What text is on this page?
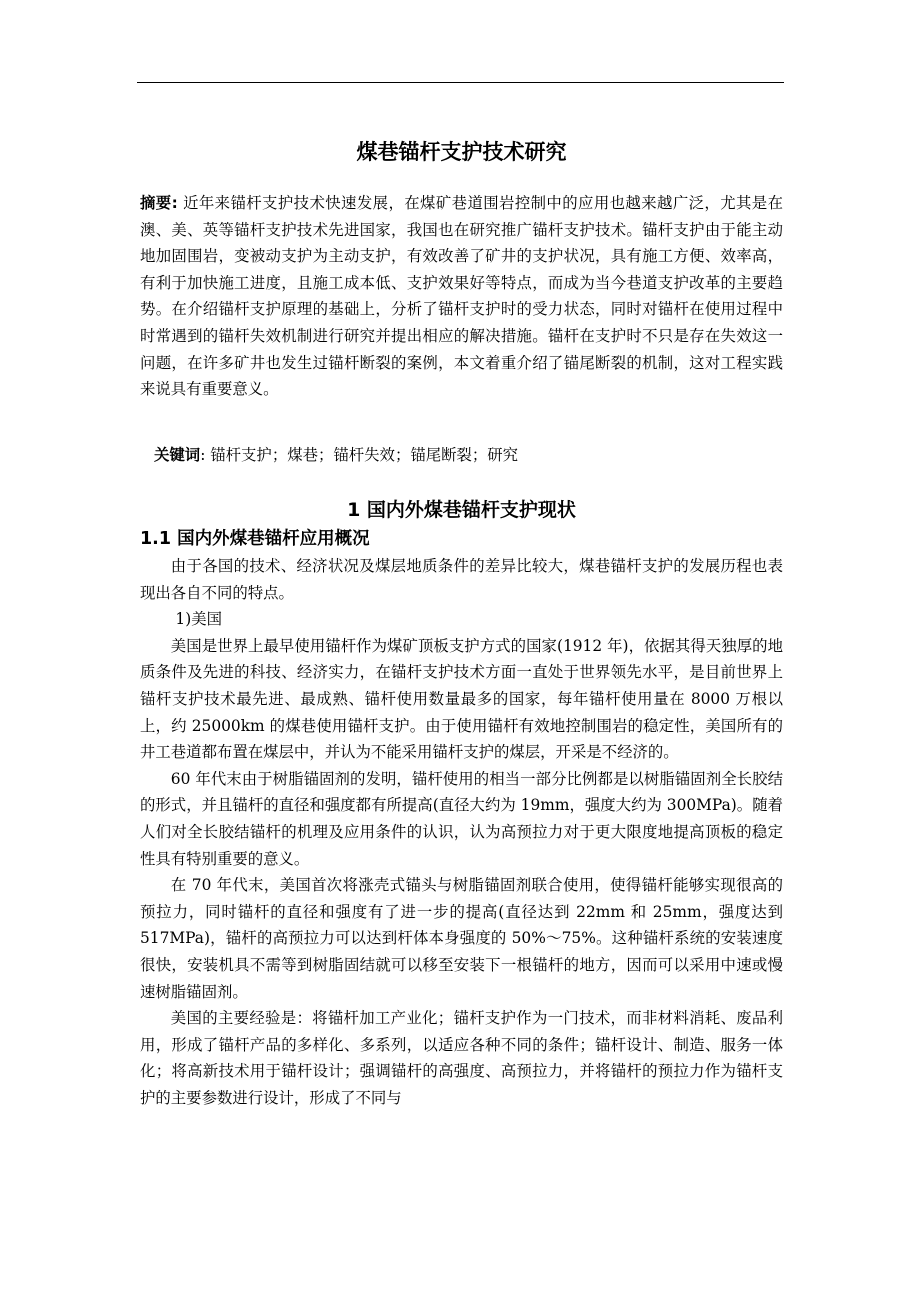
煤巷锚杆支护技术研究

摘要: 近年来锚杆支护技术快速发展，在煤矿巷道围岩控制中的应用也越来越广泛，尤其是在澳、美、英等锚杆支护技术先进国家，我国也在研究推广锚杆支护技术。锚杆支护由于能主动地加固围岩，变被动支护为主动支护，有效改善了矿井的支护状况，具有施工方便、效率高，有利于加快施工进度，且施工成本低、支护效果好等特点，而成为当今巷道支护改革的主要趋势。在介绍锚杆支护原理的基础上，分析了锚杆支护时的受力状态，同时对锚杆在使用过程中时常遇到的锚杆失效机制进行研究并提出相应的解决措施。锚杆在支护时不只是存在失效这一问题，在许多矿井也发生过锚杆断裂的案例，本文着重介绍了锚尾断裂的机制，这对工程实践来说具有重要意义。

关键词: 锚杆支护；煤巷；锚杆失效；锚尾断裂；研究

1 国内外煤巷锚杆支护现状
1.1 国内外煤巷锚杆应用概况

由于各国的技术、经济状况及煤层地质条件的差异比较大，煤巷锚杆支护的发展历程也表现出各自不同的特点。

1)美国

美国是世界上最早使用锚杆作为煤矿顶板支护方式的国家(1912 年)，依据其得天独厚的地质条件及先进的科技、经济实力，在锚杆支护技术方面一直处于世界领先水平，是目前世界上锚杆支护技术最先进、最成熟、锚杆使用数量最多的国家，每年锚杆使用量在 8000 万根以上，约 25000km 的煤巷使用锚杆支护。由于使用锚杆有效地控制围岩的稳定性，美国所有的井工巷道都布置在煤层中，并认为不能采用锚杆支护的煤层，开采是不经济的。

60 年代末由于树脂锚固剂的发明，锚杆使用的相当一部分比例都是以树脂锚固剂全长胶结的形式，并且锚杆的直径和强度都有所提高(直径大约为 19mm，强度大约为 300MPa)。随着人们对全长胶结锚杆的机理及应用条件的认识，认为高预拉力对于更大限度地提高顶板的稳定性具有特别重要的意义。

在 70 年代末，美国首次将涨壳式锚头与树脂锚固剂联合使用，使得锚杆能够实现很高的预拉力，同时锚杆的直径和强度有了进一步的提高(直径达到 22mm 和 25mm，强度达到 517MPa)，锚杆的高预拉力可以达到杆体本身强度的 50%～75%。这种锚杆系统的安装速度很快，安装机具不需等到树脂固结就可以移至安装下一根锚杆的地方，因而可以采用中速或慢速树脂锚固剂。

美国的主要经验是：将锚杆加工产业化；锚杆支护作为一门技术，而非材料消耗、废品利用，形成了锚杆产品的多样化、多系列，以适应各种不同的条件；锚杆设计、制造、服务一体化；将高新技术用于锚杆设计；强调锚杆的高强度、高预拉力，并将锚杆的预拉力作为锚杆支护的主要参数进行设计，形成了不同与
